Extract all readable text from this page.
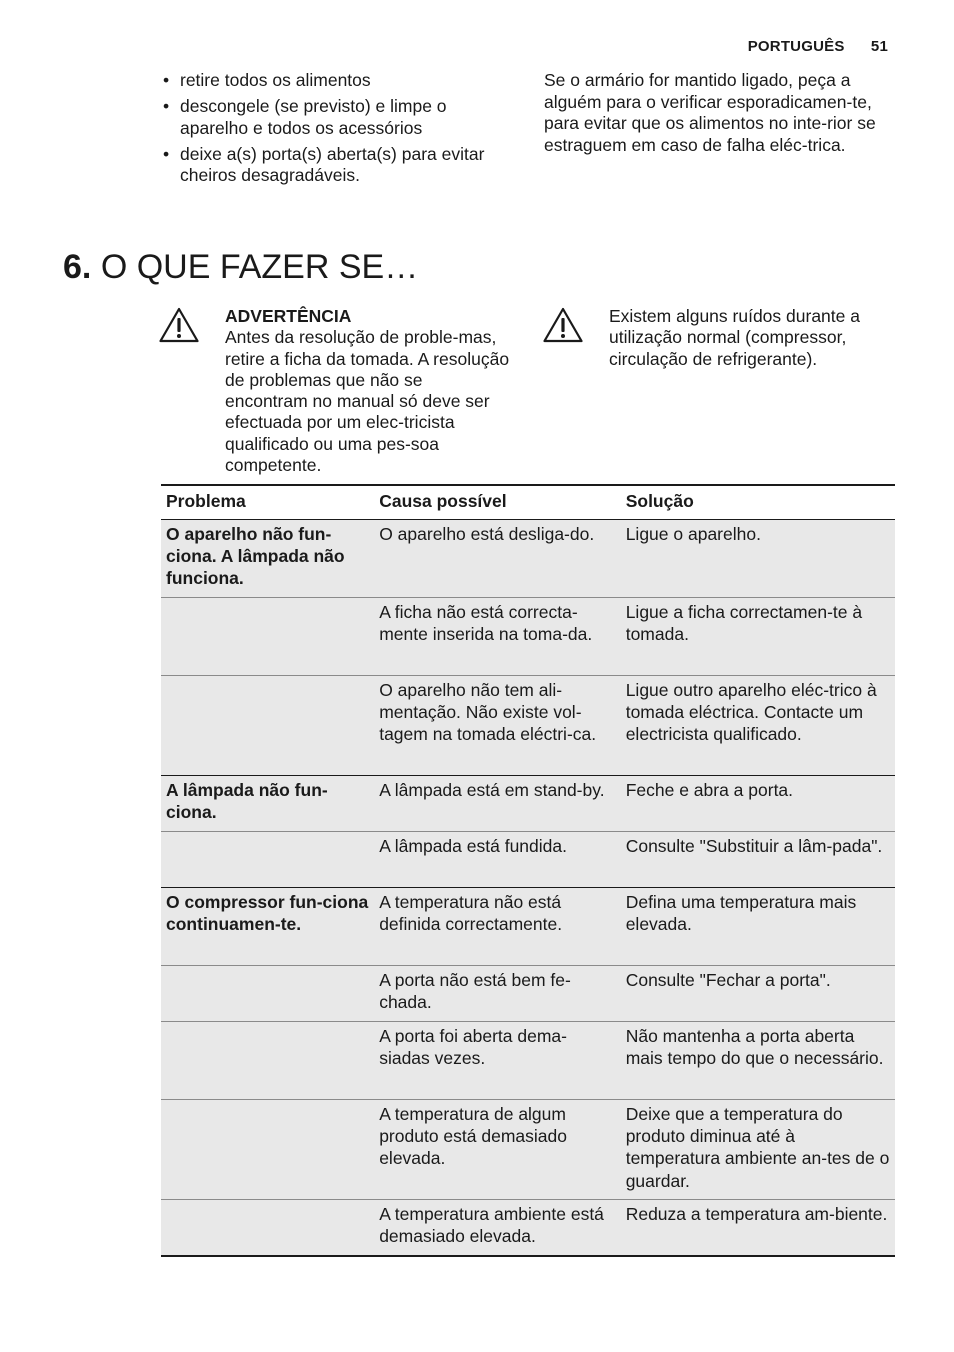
PORTUGUÊS 51
• retire todos os alimentos
• descongele (se previsto) e limpe o aparelho e todos os acessórios
• deixe a(s) porta(s) aberta(s) para evitar cheiros desagradáveis.
Se o armário for mantido ligado, peça a alguém para o verificar esporadicamen-te, para evitar que os alimentos no inte-rior se estraguem em caso de falha eléc-trica.
6. O QUE FAZER SE…
ADVERTÊNCIA
Antes da resolução de proble-mas, retire a ficha da tomada. A resolução de problemas que não se encontram no manual só deve ser efectuada por um elec-tricista qualificado ou uma pes-soa competente.
Existem alguns ruídos durante a utilização normal (compressor, circulação de refrigerante).
Problema	Causa possível	Solução
O aparelho não fun-ciona. A lâmpada não funciona.	O aparelho está desliga-do.	Ligue o aparelho.
	A ficha não está correcta-mente inserida na toma-da.	Ligue a ficha correctamen-te à tomada.
	O aparelho não tem ali-mentação. Não existe vol-tagem na tomada eléctri-ca.	Ligue outro aparelho eléc-trico à tomada eléctrica. Contacte um electricista qualificado.
A lâmpada não fun-ciona.	A lâmpada está em stand-by.	Feche e abra a porta.
	A lâmpada está fundida.	Consulte "Substituir a lâm-pada".
O compressor fun-ciona continuamen-te.	A temperatura não está definida correctamente.	Defina uma temperatura mais elevada.
	A porta não está bem fe-chada.	Consulte "Fechar a porta".
	A porta foi aberta dema-siadas vezes.	Não mantenha a porta aberta mais tempo do que o necessário.
	A temperatura de algum produto está demasiado elevada.	Deixe que a temperatura do produto diminua até à temperatura ambiente an-tes de o guardar.
	A temperatura ambiente está demasiado elevada.	Reduza a temperatura am-biente.
